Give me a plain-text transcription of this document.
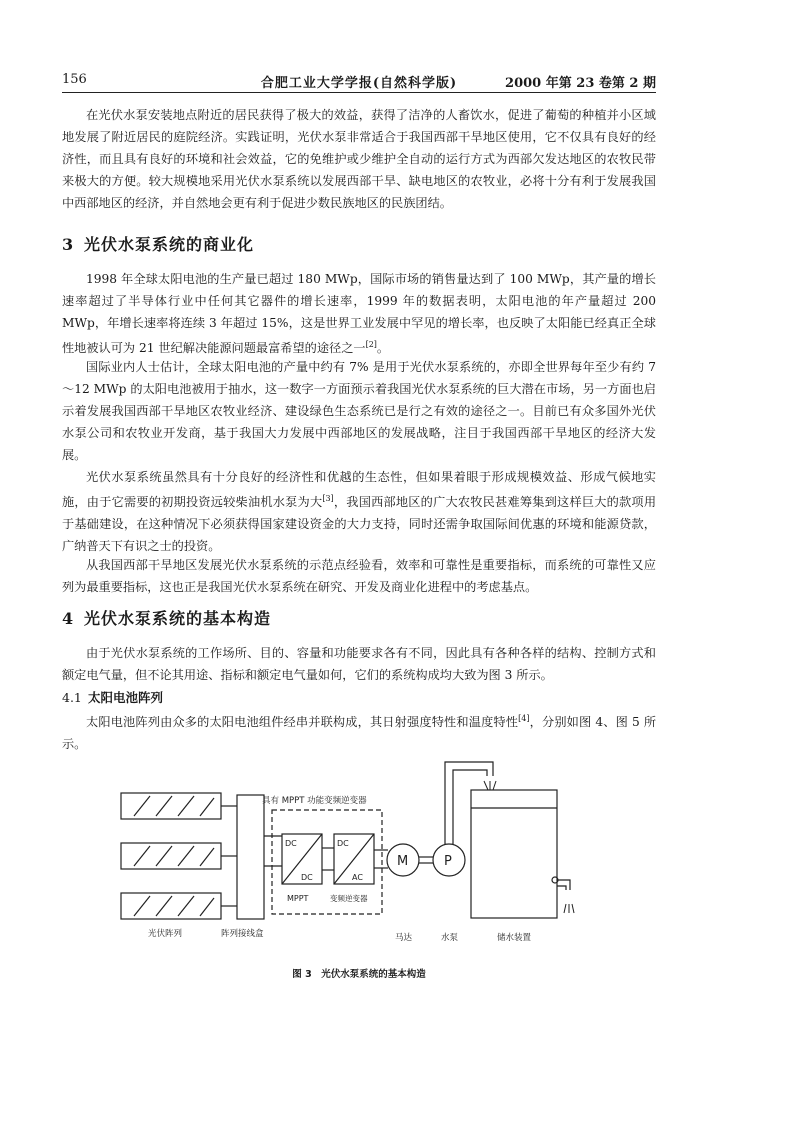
156	合肥工业大学学报(自然科学版)	2000 年第 23 卷第 2 期

在光伏水泵安装地点附近的居民获得了极大的效益，获得了洁净的人畜饮水，促进了葡萄的种植并小区域地发展了附近居民的庭院经济。实践证明，光伏水泵非常适合于我国西部干旱地区使用，它不仅具有良好的经济性，而且具有良好的环境和社会效益，它的免维护或少维护全自动的运行方式为西部欠发达地区的农牧民带来极大的方便。较大规模地采用光伏水泵系统以发展西部干旱、缺电地区的农牧业，必将十分有利于发展我国中西部地区的经济，并自然地会更有利于促进少数民族地区的民族团结。

3 光伏水泵系统的商业化

1998 年全球太阳电池的生产量已超过 180 MWp，国际市场的销售量达到了 100 MWp，其产量的增长速率超过了半导体行业中任何其它器件的增长速率，1999 年的数据表明，太阳电池的年产量超过 200 MWp，年增长速率将连续 3 年超过 15%，这是世界工业发展中罕见的增长率，也反映了太阳能已经真正全球性地被认可为 21 世纪解决能源问题最富希望的途径之一[2]。

国际业内人士估计，全球太阳电池的产量中约有 7% 是用于光伏水泵系统的，亦即全世界每年至少有约 7～12 MWp 的太阳电池被用于抽水，这一数字一方面预示着我国光伏水泵系统的巨大潜在市场，另一方面也启示着发展我国西部干旱地区农牧业经济、建设绿色生态系统已是行之有效的途径之一。目前已有众多国外光伏水泵公司和农牧业开发商，基于我国大力发展中西部地区的发展战略，注目于我国西部干旱地区的经济大发展。

光伏水泵系统虽然具有十分良好的经济性和优越的生态性，但如果着眼于形成规模效益、形成气候地实施，由于它需要的初期投资远较柴油机水泵为大[3]，我国西部地区的广大农牧民甚难筹集到这样巨大的款项用于基础建设，在这种情况下必须获得国家建设资金的大力支持，同时还需争取国际间优惠的环境和能源贷款，广纳普天下有识之士的投资。

从我国西部干旱地区发展光伏水泵系统的示范点经验看，效率和可靠性是重要指标，而系统的可靠性又应列为最重要指标，这也正是我国光伏水泵系统在研究、开发及商业化进程中的考虑基点。

4 光伏水泵系统的基本构造

由于光伏水泵系统的工作场所、目的、容量和功能要求各有不同，因此具有各种各样的结构、控制方式和额定电气量，但不论其用途、指标和额定电气量如何，它们的系统构成均大致为图 3 所示。

4.1 太阳电池阵列

太阳电池阵列由众多的太阳电池组件经串并联构成，其日射强度特性和温度特性[4]，分别如图 4、图 5 所示。

具有 MPPT 功能变频逆变器
DC
DC
DC
AC
MPPT	变频逆变器
M	P
光伏阵列	阵列接线盒	马达	水泵	储水装置
图 3　光伏水泵系统的基本构造
